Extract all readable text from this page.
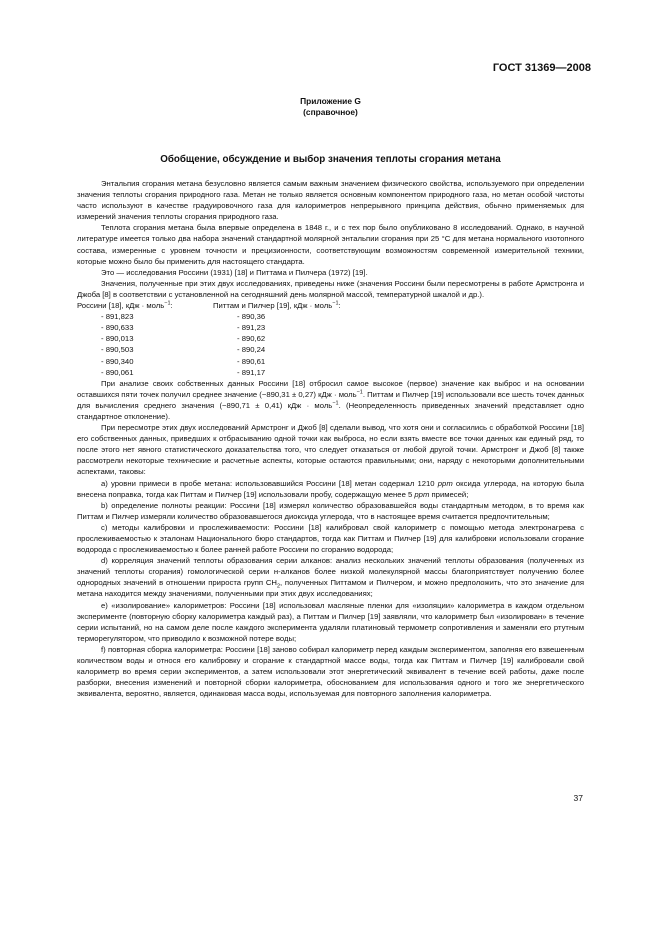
ГОСТ 31369—2008
Приложение G
(справочное)
Обобщение, обсуждение и выбор значения теплоты сгорания метана

Энтальпия сгорания метана безусловно является самым важным значением физического свойства, используемого при определении значения теплоты сгорания природного газа. Метан не только является основным компонентом природного газа, но метан особой чистоты часто используют в качестве градуировочного газа для калориметров непрерывного принципа действия, обычно применяемых для измерений значения теплоты сгорания природного газа.

Теплота сгорания метана была впервые определена в 1848 г., и с тех пор было опубликовано 8 исследований. Однако, в научной литературе имеется только два набора значений стандартной молярной энтальпии сгорания при 25 °С для метана нормального изотопного состава, измеренные с уровнем точности и прецизионности, соответствующим возможностям современной измерительной техники, которые можно было бы применить для настоящего стандарта.

Это — исследования Россини (1931) [18] и Питтама и Пилчера (1972) [19].

Значения, полученные при этих двух исследованиях, приведены ниже (значения Россини были пересмотрены в работе Армстронга и Джоба [8] в соответствии с установленной на сегодняшний день молярной массой, температурной шкалой и др.).

Россини [18], кДж · моль$^{-1}$:	Питтам и Пилчер [19], кДж · моль$^{-1}$:
- 891,823	- 890,36
- 890,633	- 891,23
- 890,013	- 890,62
- 890,503	- 890,24
- 890,340	- 890,61
- 890,061	- 891,17

При анализе своих собственных данных Россини [18] отбросил самое высокое (первое) значение как выброс и на основании оставшихся пяти точек получил среднее значение (−890,31 ± 0,27) кДж · моль$^{-1}$. Питтам и Пилчер [19] использовали все шесть точек данных для вычисления среднего значения (−890,71 ± 0,41) кДж · моль$^{-1}$. (Неопределенность приведенных значений представляет одно стандартное отклонение).

При пересмотре этих двух исследований Армстронг и Джоб [8] сделали вывод, что хотя они и согласились с обработкой Россини [18] его собственных данных, приведших к отбрасыванию одной точки как выброса, но если взять вместе все точки данных как единый ряд, то после этого нет явного статистического доказательства того, что следует отказаться от любой другой точки. Армстронг и Джоб [8] также рассмотрели некоторые технические и расчетные аспекты, которые остаются правильными; они, наряду с некоторыми дополнительными аспектами, таковы:

a) уровни примеси в пробе метана: использовавшийся Россини [18] метан содержал 1210 ppm оксида углерода, на которую была внесена поправка, тогда как Питтам и Пилчер [19] использовали пробу, содержащую менее 5 ppm примесей;

b) определение полноты реакции: Россини [18] измерял количество образовавшейся воды стандартным методом, в то время как Питтам и Пилчер измеряли количество образовавшегося диоксида углерода, что в настоящее время считается предпочтительным;

c) методы калибровки и прослеживаемости: Россини [18] калибровал свой калориметр с помощью метода электронагрева с прослеживаемостью к эталонам Национального бюро стандартов, тогда как Питтам и Пилчер [19] для калибровки использовали сгорание водорода с прослеживаемостью к более ранней работе Россини по сгоранию водорода;

d) корреляция значений теплоты образования серии алканов: анализ нескольких значений теплоты образования (полученных из значений теплоты сгорания) гомологической серии н-алканов более низкой молекулярной массы благоприятствует получению более однородных значений в отношении прироста групп $CH_2$, полученных Питтамом и Пилчером, и можно предположить, что это значение для метана находится между значениями, полученными при этих двух исследованиях;

e) «изолирование» калориметров: Россини [18] использовал масляные пленки для «изоляции» калориметра в каждом отдельном эксперименте (повторную сборку калориметра каждый раз), а Питтам и Пилчер [19] заявляли, что калориметр был «изолирован» в течение серии испытаний, но на самом деле после каждого эксперимента удаляли платиновый термометр сопротивления и заменяли его ртутным терморегулятором, что приводило к возможной потере воды;

f) повторная сборка калориметра: Россини [18] заново собирал калориметр перед каждым экспериментом, заполняя его взвешенным количеством воды и относя его калибровку и сгорание к стандартной массе воды, тогда как Питтам и Пилчер [19] калибровали свой калориметр во время серии экспериментов, а затем использовали этот энергетический эквивалент в течение всей работы, даже после разборки, внесения изменений и повторной сборки калориметра, обоснованием для использования одного и того же энергетического эквивалента, вероятно, является, одинаковая масса воды, используемая для повторного заполнения калориметра.

37
